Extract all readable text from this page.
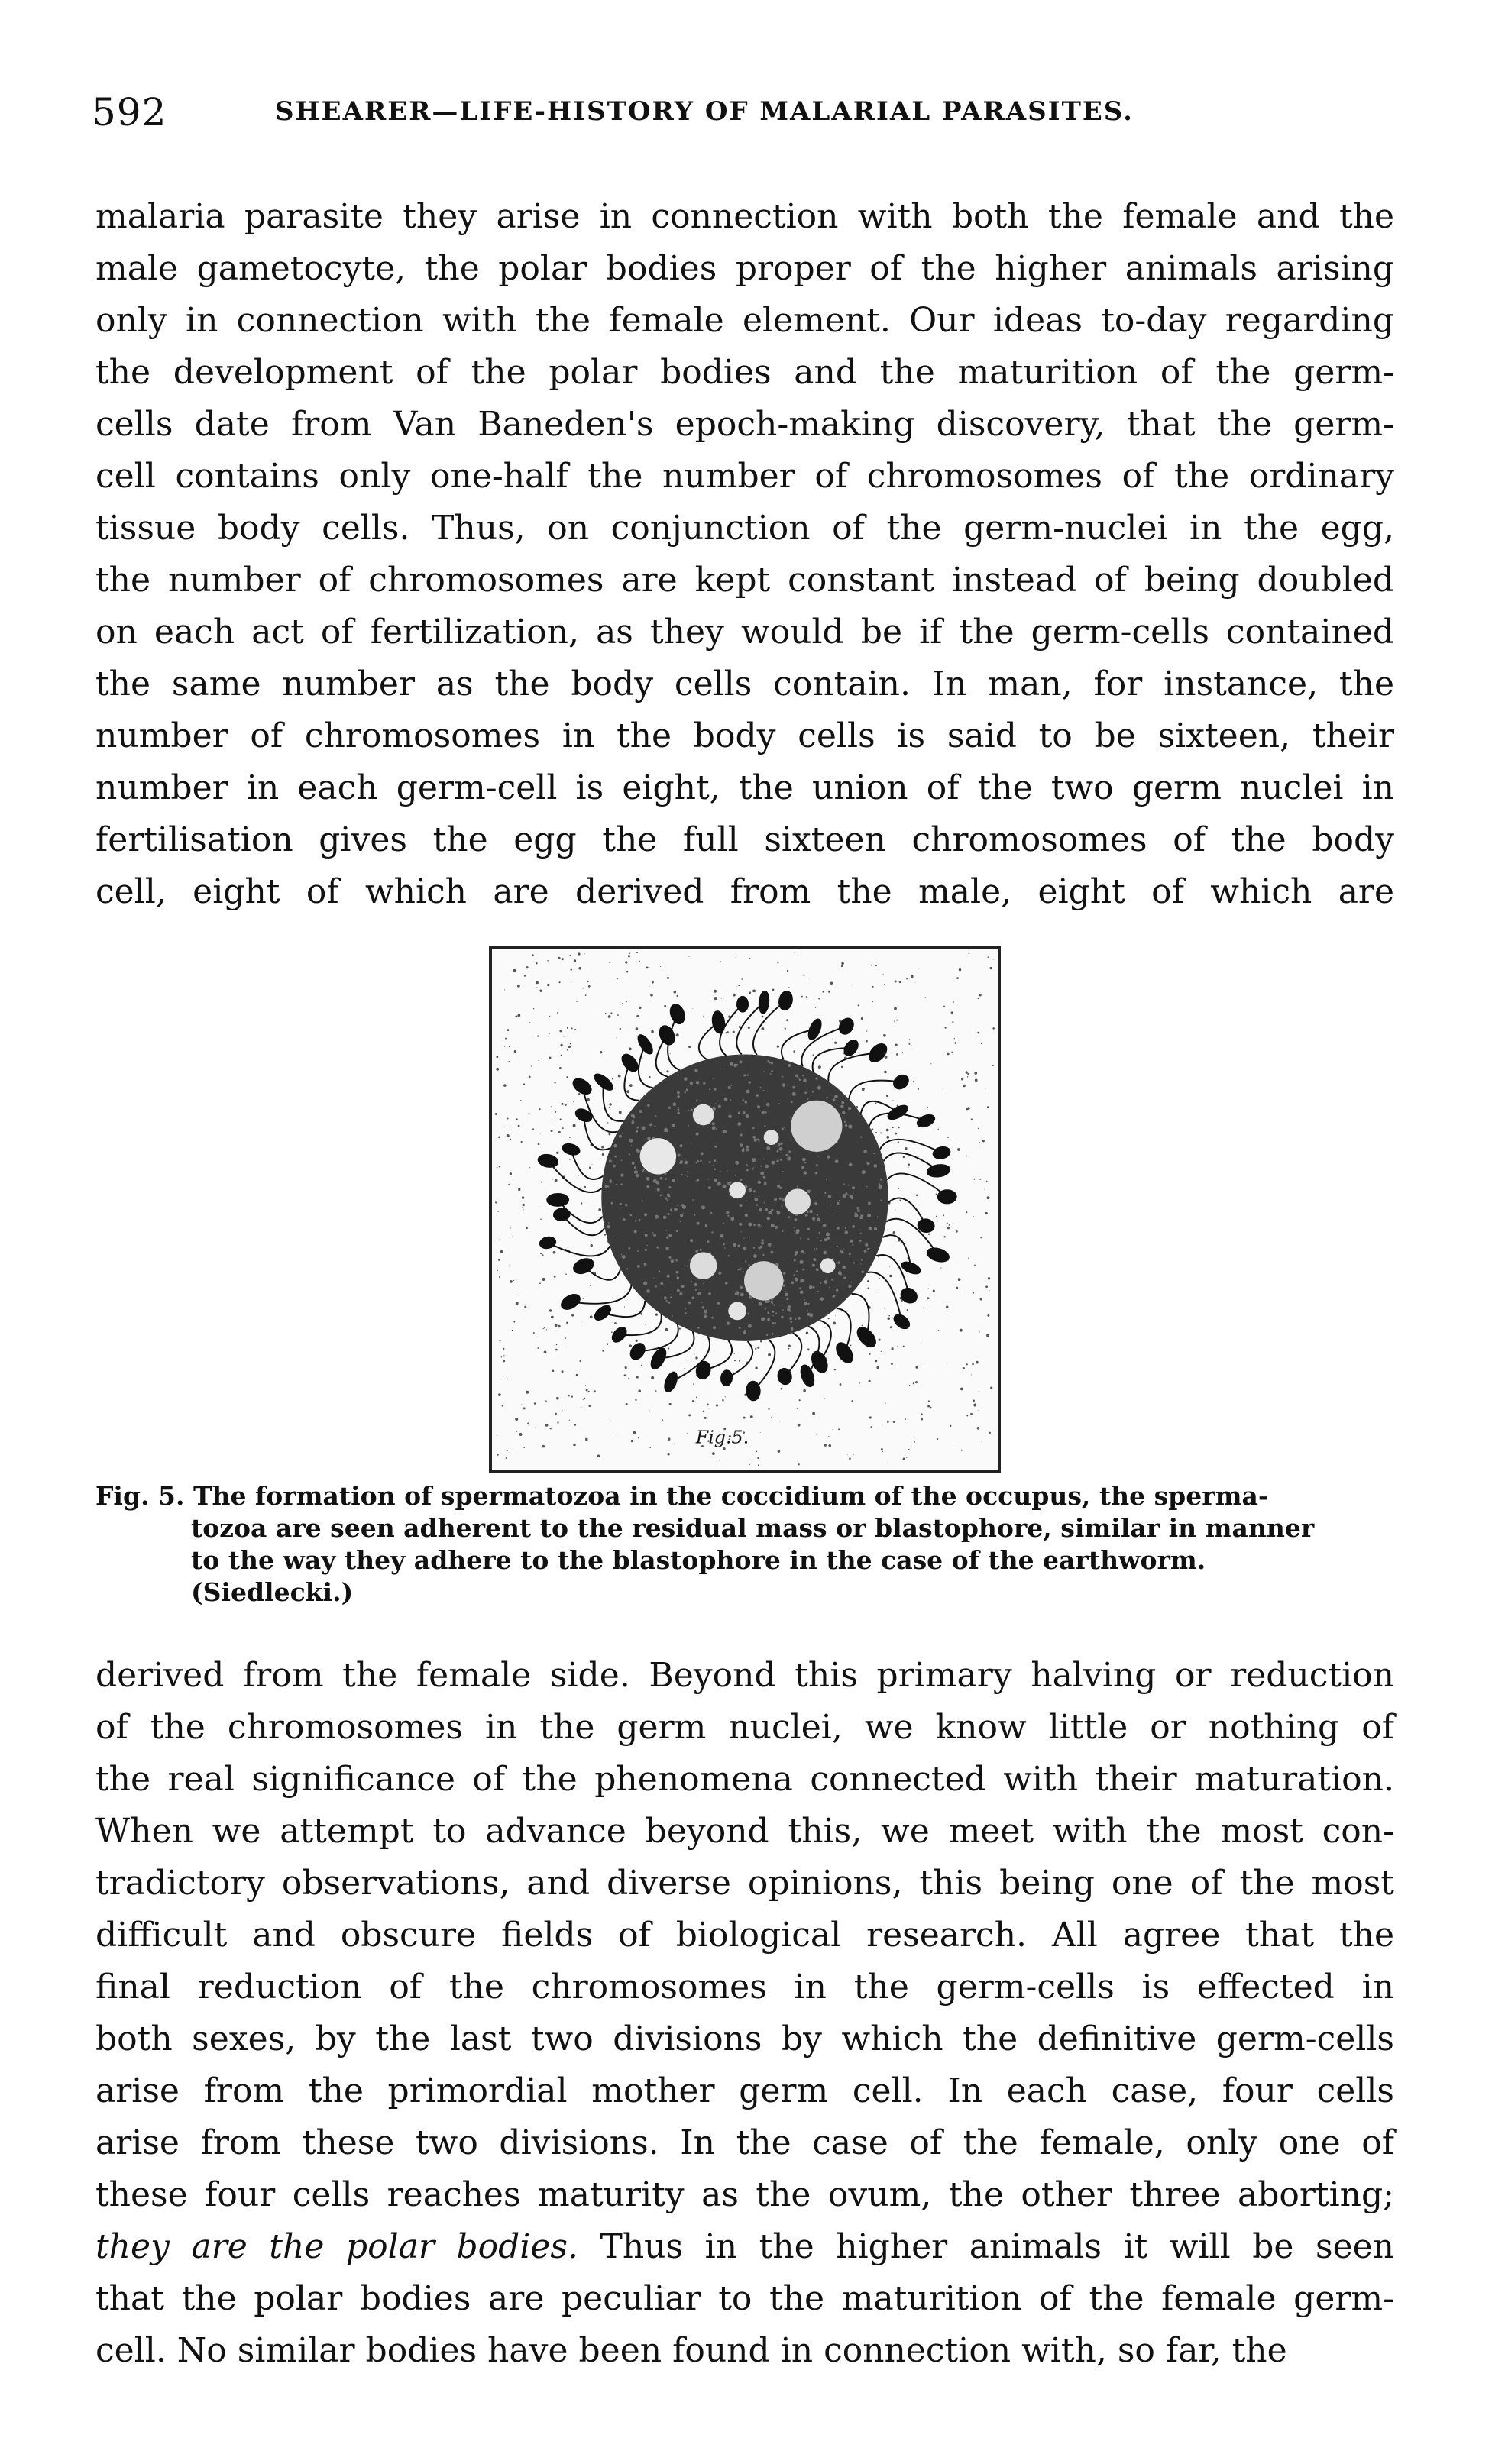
592	SHEARER—LIFE-HISTORY OF MALARIAL PARASITES.

malaria parasite they arise in connection with both the female and the

male gametocyte, the polar bodies proper of the higher animals arising

only in connection with the female element. Our ideas to-day regarding

the development of the polar bodies and the maturition of the germ-

cells date from Van Baneden's epoch-making discovery, that the germ-

cell contains only one-half the number of chromosomes of the ordinary

tissue body cells. Thus, on conjunction of the germ-nuclei in the egg,

the number of chromosomes are kept constant instead of being doubled

on each act of fertilization, as they would be if the germ-cells contained

the same number as the body cells contain. In man, for instance, the

number of chromosomes in the body cells is said to be sixteen, their

number in each germ-cell is eight, the union of the two germ nuclei in

fertilisation gives the egg the full sixteen chromosomes of the body

cell, eight of which are derived from the male, eight of which are

Fig.5.
Fig. 5. The formation of spermatozoa in the coccidium of the occupus, the sperma-
tozoa are seen adherent to the residual mass or blastophore, similar in manner
to the way they adhere to the blastophore in the case of the earthworm.
(Siedlecki.)

derived from the female side. Beyond this primary halving or reduction

of the chromosomes in the germ nuclei, we know little or nothing of

the real significance of the phenomena connected with their maturation.

When we attempt to advance beyond this, we meet with the most con-

tradictory observations, and diverse opinions, this being one of the most

difficult and obscure fields of biological research. All agree that the

final reduction of the chromosomes in the germ-cells is effected in

both sexes, by the last two divisions by which the definitive germ-cells

arise from the primordial mother germ cell. In each case, four cells

arise from these two divisions. In the case of the female, only one of

these four cells reaches maturity as the ovum, the other three aborting;

they are the polar bodies. Thus in the higher animals it will be seen

that the polar bodies are peculiar to the maturition of the female germ-

cell. No similar bodies have been found in connection with, so far, the
